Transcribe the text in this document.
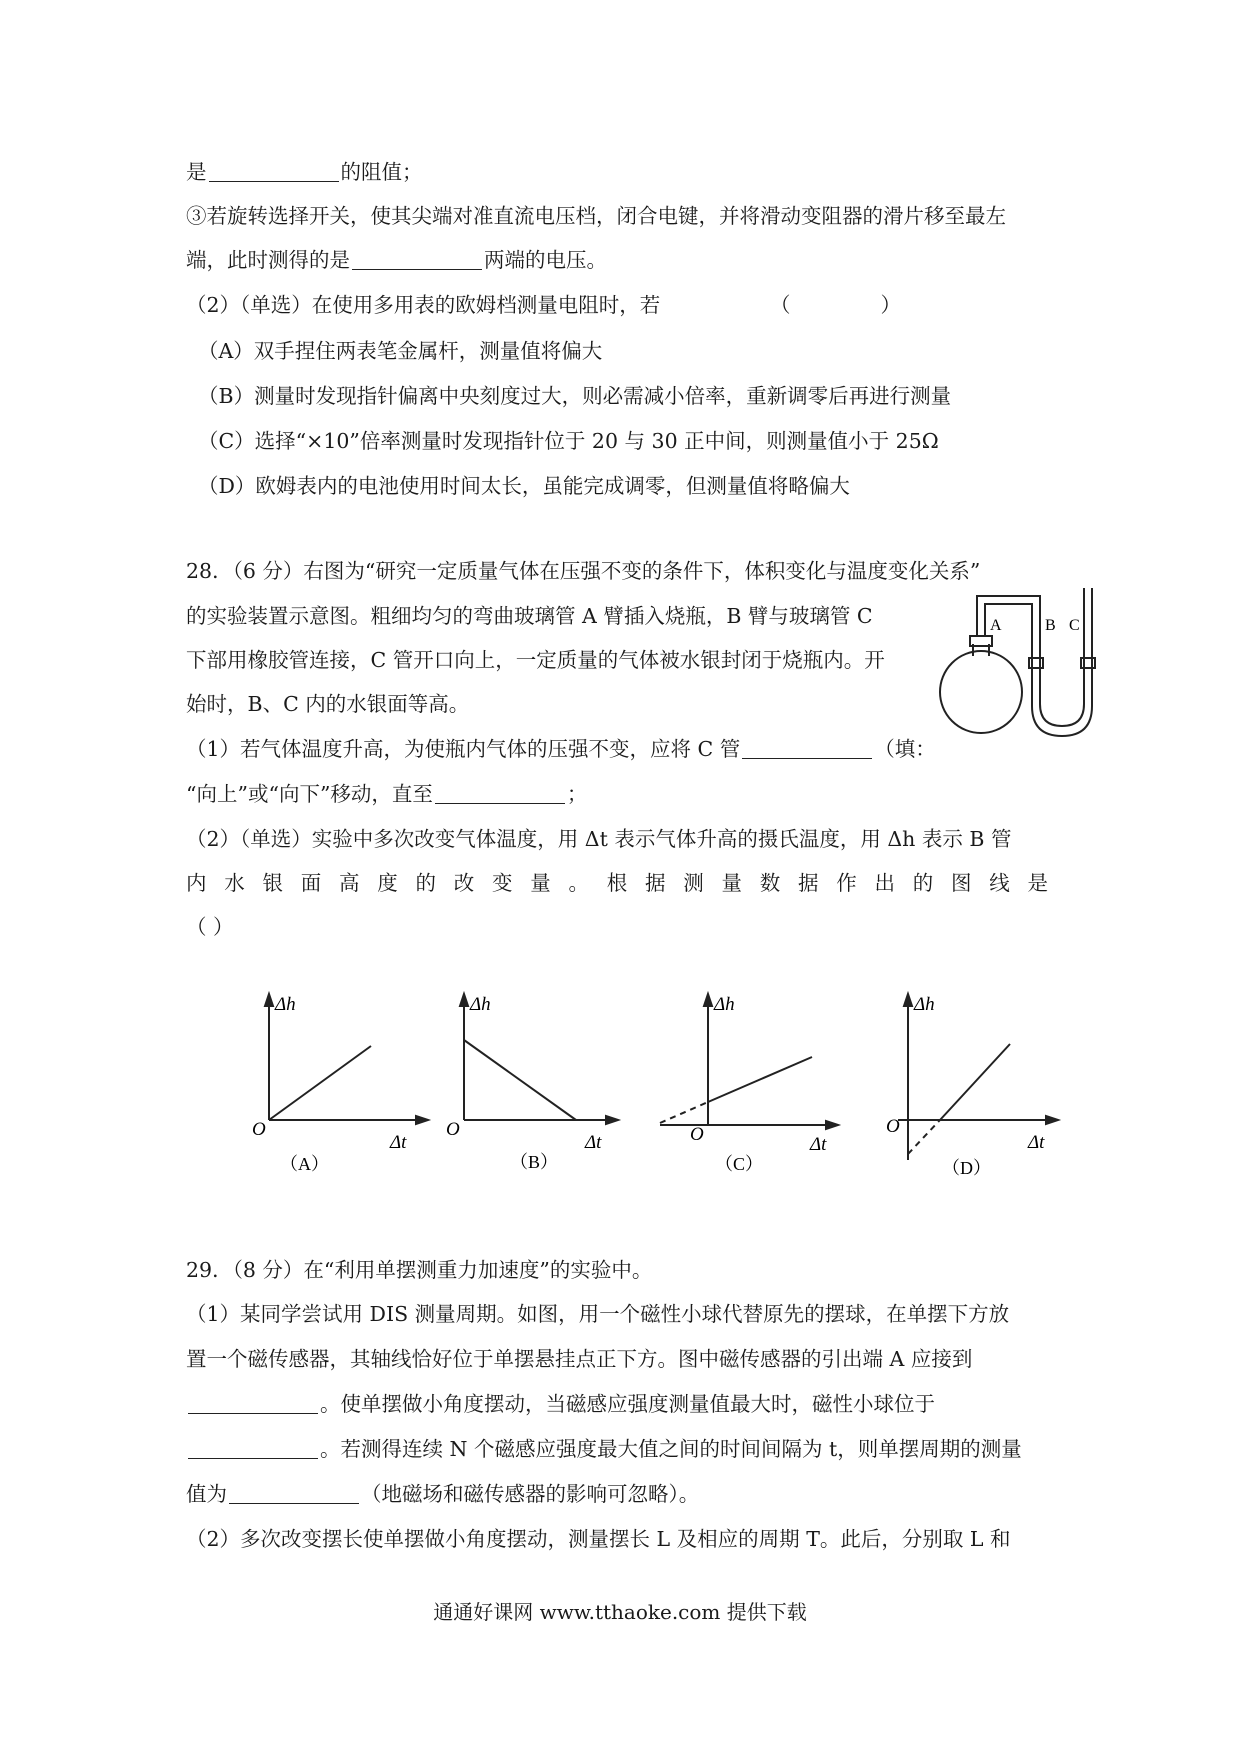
是	的阻值；
③若旋转选择开关，使其尖端对准直流电压档，闭合电键，并将滑动变阻器的滑片移至最左
端，此时测得的是	两端的电压。
（2）（单选）在使用多用表的欧姆档测量电阻时，若	（	）
（A）双手捏住两表笔金属杆，测量值将偏大
（B）测量时发现指针偏离中央刻度过大，则必需减小倍率，重新调零后再进行测量
（C）选择“×10”倍率测量时发现指针位于 20 与 30 正中间，则测量值小于 25Ω
（D）欧姆表内的电池使用时间太长，虽能完成调零，但测量值将略偏大
28．（6 分）右图为“研究一定质量气体在压强不变的条件下，体积变化与温度变化关系”
的实验装置示意图。粗细均匀的弯曲玻璃管 A 臂插入烧瓶，B 臂与玻璃管 C
下部用橡胶管连接，C 管开口向上，一定质量的气体被水银封闭于烧瓶内。开
始时，B、C 内的水银面等高。
A	B C
（1）若气体温度升高，为使瓶内气体的压强不变，应将 C 管	（填：
“向上”或“向下”移动，直至	；
（2）（单选）实验中多次改变气体温度，用 Δt 表示气体升高的摄氏温度，用 Δh 表示 B 管
内 水 银 面 高 度 的 改 变 量 。 根 据 测 量 数 据 作 出 的 图 线 是
（ ）
Δh
O
Δt
（A）
Δh
O
Δt
（B）
Δh
O	Δt
（C）
Δh
O
Δt
（D）
29．（8 分）在“利用单摆测重力加速度”的实验中。
（1）某同学尝试用 DIS 测量周期。如图，用一个磁性小球代替原先的摆球，在单摆下方放
置一个磁传感器，其轴线恰好位于单摆悬挂点正下方。图中磁传感器的引出端 A 应接到
。使单摆做小角度摆动，当磁感应强度测量值最大时，磁性小球位于
。若测得连续 N 个磁感应强度最大值之间的时间间隔为 t，则单摆周期的测量
值为	（地磁场和磁传感器的影响可忽略）。
（2）多次改变摆长使单摆做小角度摆动，测量摆长 L 及相应的周期 T。此后，分别取 L 和
通通好课网 www.tthaoke.com 提供下载
